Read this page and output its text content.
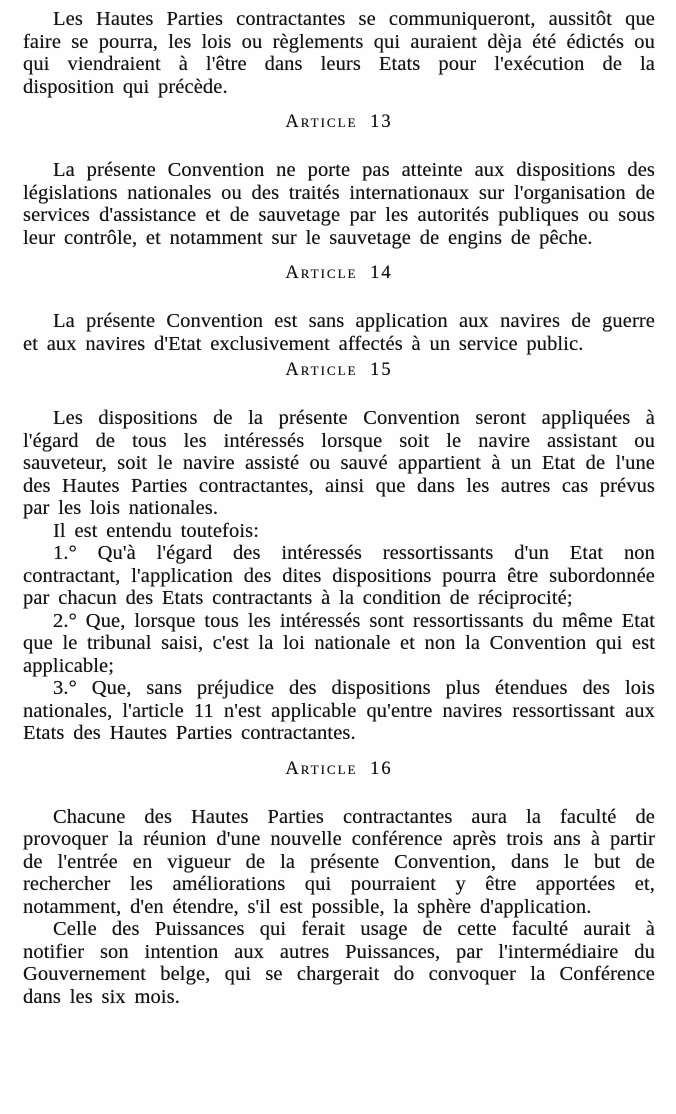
Les Hautes Parties contractantes se communiqueront, aussitôt que faire se pourra, les lois ou règlements qui auraient dèja été édictés ou qui viendraient à l'être dans leurs Etats pour l'exécution de la disposition qui précède.

Article 13

La présente Convention ne porte pas atteinte aux dispositions des législations nationales ou des traités internationaux sur l'organisation de services d'assistance et de sauvetage par les autorités publiques ou sous leur contrôle, et notamment sur le sauvetage de engins de pêche.

Article 14

La présente Convention est sans application aux navires de guerre et aux navires d'Etat exclusivement affectés à un service public.

Article 15

Les dispositions de la présente Convention seront appliquées à l'égard de tous les intéressés lorsque soit le navire assistant ou sauveteur, soit le navire assisté ou sauvé appartient à un Etat de l'une des Hautes Parties contractantes, ainsi que dans les autres cas prévus par les lois nationales.

Il est entendu toutefois:

1.° Qu'à l'égard des intéressés ressortissants d'un Etat non contractant, l'application des dites dispositions pourra être subordonnée par chacun des Etats contractants à la condition de réciprocité;

2.° Que, lorsque tous les intéressés sont ressortissants du même Etat que le tribunal saisi, c'est la loi nationale et non la Convention qui est applicable;

3.° Que, sans préjudice des dispositions plus étendues des lois nationales, l'article 11 n'est applicable qu'entre navires ressortissant aux Etats des Hautes Parties contractantes.

Article 16

Chacune des Hautes Parties contractantes aura la faculté de provoquer la réunion d'une nouvelle conférence après trois ans à partir de l'entrée en vigueur de la présente Convention, dans le but de rechercher les améliorations qui pourraient y être apportées et, notamment, d'en étendre, s'il est possible, la sphère d'application.

Celle des Puissances qui ferait usage de cette faculté aurait à notifier son intention aux autres Puissances, par l'intermédiaire du Gouvernement belge, qui se chargerait do convoquer la Conférence dans les six mois.
